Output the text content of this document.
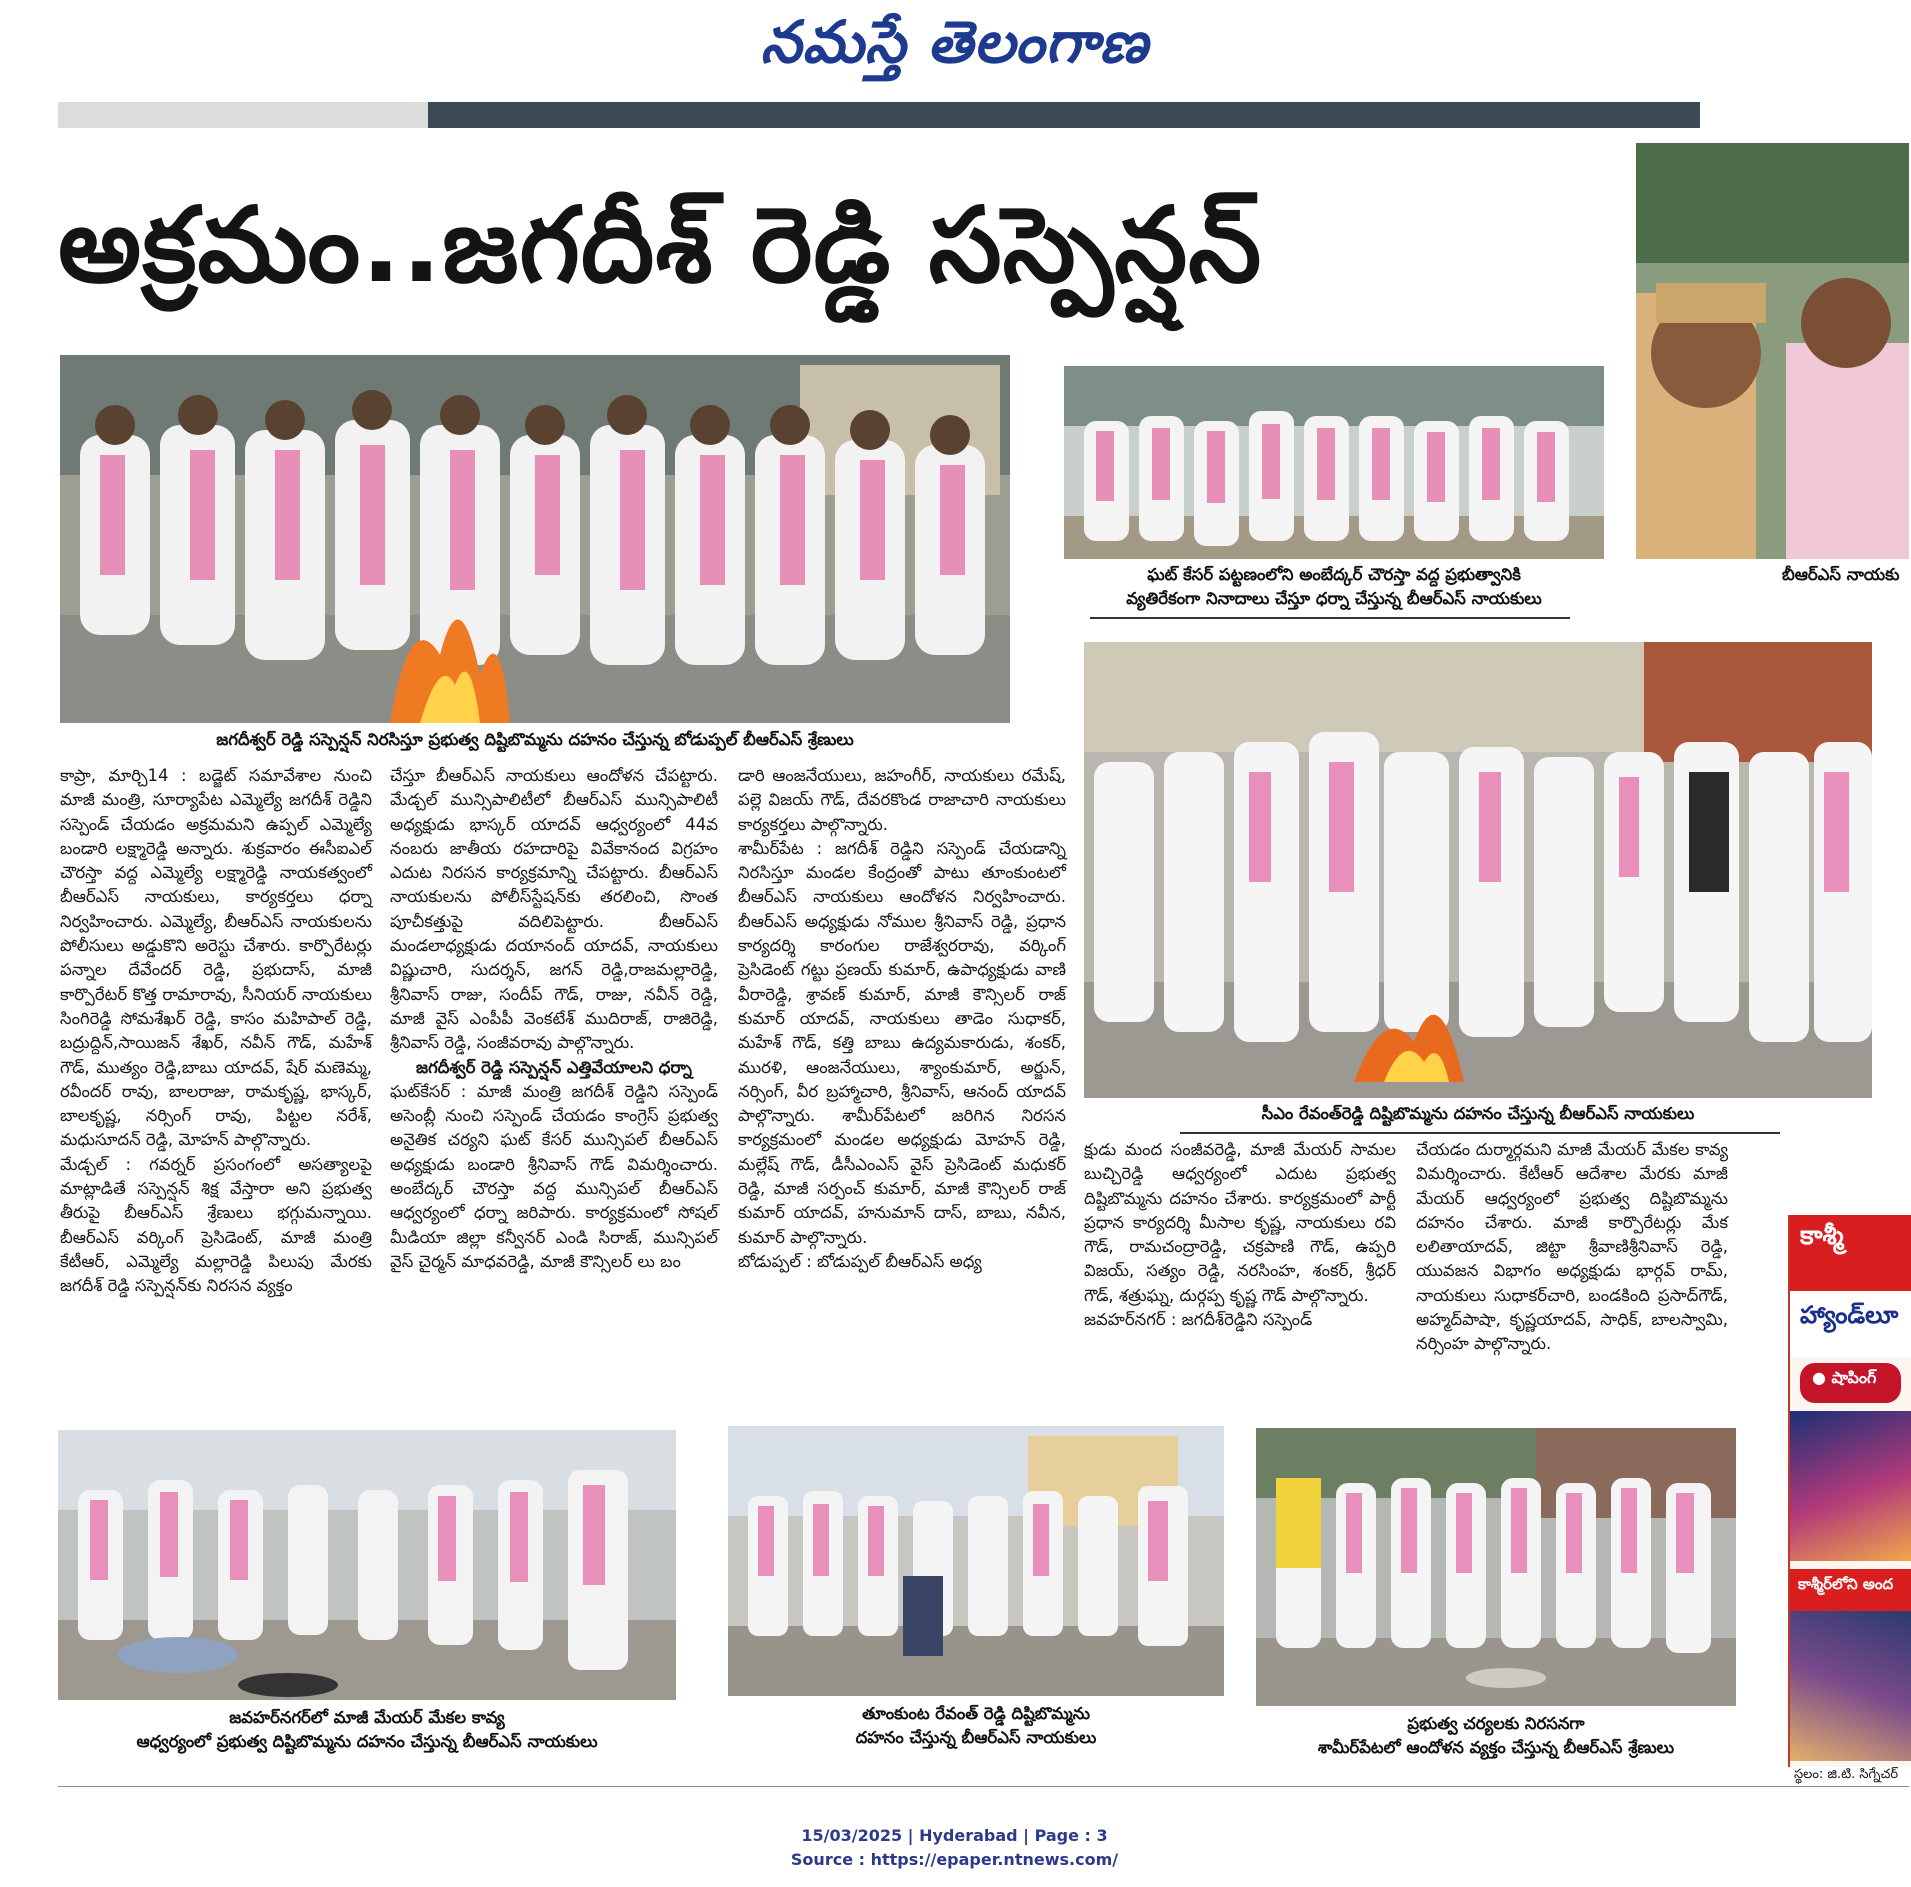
నమస్తే తెలంగాణ
అక్రమం..జగదీశ్ రెడ్డి సస్పెన్షన్
జగదీశ్వర్ రెడ్డి సస్పెన్షన్ నిరసిస్తూ ప్రభుత్వ దిష్టిబొమ్మను దహనం చేస్తున్న బోడుప్పల్ బీఆర్ఎస్ శ్రేణులు
ఘట్ కేసర్ పట్టణంలోని అంబేద్కర్ చౌరస్తా వద్ద ప్రభుత్వానికి
వ్యతిరేకంగా నినాదాలు చేస్తూ ధర్నా చేస్తున్న బీఆర్ఎస్ నాయకులు
బీఆర్ఎస్ నాయకు
సీఎం రేవంత్‌రెడ్డి దిష్టిబొమ్మను దహనం చేస్తున్న బీఆర్ఎస్ నాయకులు

కాప్రా, మార్చి14 : బడ్జెట్ సమావేశాల నుంచి మాజీ మంత్రి, సూర్యాపేట ఎమ్మెల్యే జగదీశ్ రెడ్డిని సస్పెండ్ చేయడం అక్రమమని ఉప్పల్ ఎమ్మెల్యే బండారి లక్ష్మారెడ్డి అన్నారు. శుక్రవారం ఈసీఐఎల్ చౌరస్తా వద్ద ఎమ్మెల్యే లక్ష్మారెడ్డి నాయకత్వంలో బీఆర్ఎస్ నాయకులు, కార్యకర్తలు ధర్నా నిర్వహించారు. ఎమ్మెల్యే, బీఆర్ఎస్ నాయకులను పోలీసులు అడ్డుకొని అరెస్టు చేశారు. కార్పొరేటర్లు పన్నాల దేవేందర్ రెడ్డి, ప్రభుదాస్, మాజీ కార్పొరేటర్ కొత్త రామారావు, సీనియర్ నాయకులు సింగిరెడ్డి సోమశేఖర్ రెడ్డి, కాసం మహిపాల్ రెడ్డి, బద్రుద్దిన్,సాయిజన్ శేఖర్, నవీన్ గౌడ్, మహేశ్ గౌడ్, ముత్యం రెడ్డి,బాబు యాదవ్, షేర్ మణెమ్మ, రవీందర్ రావు, బాలరాజు, రామకృష్ణ, భాస్కర్, బాలకృష్ణ, నర్సింగ్ రావు, పిట్టల నరేశ్, మధుసూదన్ రెడ్డి, మోహన్ పాల్గొన్నారు.
మేడ్చల్ : గవర్నర్ ప్రసంగంలో అసత్యాలపై మాట్లాడితే సస్పెన్షన్ శిక్ష వేస్తారా అని ప్రభుత్వ తీరుపై బీఆర్ఎస్ శ్రేణులు భగ్గుమన్నాయి. బీఆర్ఎస్ వర్కింగ్ ప్రెసిడెంట్, మాజీ మంత్రి కేటీఆర్, ఎమ్మెల్యే మల్లారెడ్డి పిలుపు మేరకు జగదీశ్ రెడ్డి సస్పెన్షన్‌కు నిరసన వ్యక్తం

చేస్తూ బీఆర్ఎస్ నాయకులు ఆందోళన చేపట్టారు. మేడ్చల్ మున్సిపాలిటీలో బీఆర్ఎస్ మున్సిపాలిటీ అధ్యక్షుడు భాస్కర్ యాదవ్ ఆధ్వర్యంలో 44వ నంబరు జాతీయ రహదారిపై వివేకానంద విగ్రహం ఎదుట నిరసన కార్యక్రమాన్ని చేపట్టారు. బీఆర్ఎస్ నాయకులను పోలీస్‌స్టేషన్‌కు తరలించి, సొంత పూచీకత్తుపై వదిలిపెట్టారు. బీఆర్ఎస్ మండలాధ్యక్షుడు దయానంద్ యాదవ్, నాయకులు విష్ణుచారి, సుదర్శన్, జగన్ రెడ్డి,రాజమల్లారెడ్డి, శ్రీనివాస్ రాజు, సందీప్ గౌడ్, రాజు, నవీన్ రెడ్డి, మాజీ వైస్ ఎంపీపీ వెంకటేశ్ ముదిరాజ్, రాజిరెడ్డి, శ్రీనివాస్ రెడ్డి, సంజీవరావు పాల్గొన్నారు.

జగదీశ్వర్ రెడ్డి సస్పెన్షన్ ఎత్తివేయాలని ధర్నా

ఘట్‌కేసర్ : మాజీ మంత్రి జగదీశ్ రెడ్డిని సస్పెండ్ అసెంబ్లీ నుంచి సస్పెండ్ చేయడం కాంగ్రెస్ ప్రభుత్వ అనైతిక చర్యని ఘట్ కేసర్ మున్సిపల్ బీఆర్ఎస్ అధ్యక్షుడు బండారి శ్రీనివాస్ గౌడ్ విమర్శించారు. అంబేద్కర్ చౌరస్తా వద్ద మున్సిపల్ బీఆర్ఎస్ ఆధ్వర్యంలో ధర్నా జరిపారు. కార్యక్రమంలో సోషల్ మీడియా జిల్లా కన్వీనర్ ఎండి సిరాజ్, మున్సిపల్ వైస్ చైర్మన్ మాధవరెడ్డి, మాజీ కౌన్సిలర్ లు బం

డారి ఆంజనేయులు, జహంగీర్, నాయకులు రమేష్, పల్లె విజయ్ గౌడ్, దేవరకొండ రాజాచారి నాయకులు కార్యకర్తలు పాల్గొన్నారు.
శామీర్‌పేట : జగదీశ్ రెడ్డిని సస్పెండ్ చేయడాన్ని నిరసిస్తూ మండల కేంద్రంతో పాటు తూంకుంటలో బీఆర్ఎస్ నాయకులు ఆందోళన నిర్వహించారు. బీఆర్ఎస్ అధ్యక్షుడు నోముల శ్రీనివాస్ రెడ్డి, ప్రధాన కార్యదర్శి కారంగుల రాజేశ్వరరావు, వర్కింగ్ ప్రెసిడెంట్ గట్టు ప్రణయ్ కుమార్, ఉపాధ్యక్షుడు వాణి వీరారెడ్డి, శ్రావణ్ కుమార్, మాజీ కౌన్సిలర్ రాజ్ కుమార్ యాదవ్, నాయకులు తాడెం సుధాకర్, మహేశ్ గౌడ్, కత్తి బాబు ఉద్యమకారుడు, శంకర్, మురళి, ఆంజనేయులు, శ్యాంకుమార్, అర్జున్, నర్సింగ్, వీర బ్రహ్మాచారి, శ్రీనివాస్, ఆనంద్ యాదవ్ పాల్గొన్నారు. శామీర్‌పేటలో జరిగిన నిరసన కార్యక్రమంలో మండల అధ్యక్షుడు మోహన్ రెడ్డి, మల్లేష్ గౌడ్, డీసీఎంఎస్ వైస్ ప్రెసిడెంట్ మధుకర్ రెడ్డి, మాజీ సర్పంచ్ కుమార్, మాజీ కౌన్సిలర్ రాజ్ కుమార్ యాదవ్, హనుమాన్ దాస్, బాబు, నవీన, కుమార్ పాల్గొన్నారు.
బోడుప్పల్ : బోడుప్పల్ బీఆర్ఎస్ అధ్య

క్షుడు మంద సంజీవరెడ్డి, మాజీ మేయర్ సామల బుచ్చిరెడ్డి ఆధ్వర్యంలో ఎదుట ప్రభుత్వ దిష్టిబొమ్మను దహనం చేశారు. కార్యక్రమంలో పార్టీ ప్రధాన కార్యదర్శి మీసాల కృష్ణ, నాయకులు రవి గౌడ్, రామచంద్రారెడ్డి, చక్రపాణి గౌడ్, ఉప్పరి విజయ్, సత్యం రెడ్డి, నరసింహ, శంకర్, శ్రీధర్ గౌడ్, శత్రుఘ్న, దుర్గప్ప కృష్ణ గౌడ్ పాల్గొన్నారు.
జవహర్‌నగర్ : జగదీశ్‌రెడ్డిని సస్పెండ్

చేయడం దుర్మార్గమని మాజీ మేయర్ మేకల కావ్య విమర్శించారు. కేటీఆర్ ఆదేశాల మేరకు మాజీ మేయర్ ఆధ్వర్యంలో ప్రభుత్వ దిష్టిబొమ్మను దహనం చేశారు. మాజీ కార్పొరేటర్లు మేక లలితాయాదవ్, జిట్టా శ్రీవాణిశ్రీనివాస్ రెడ్డి, యువజన విభాగం అధ్యక్షుడు భార్గవ్ రామ్, నాయకులు సుధాకర్‌చారి, బండకింది ప్రసాద్‌గౌడ్, అహ్మద్‌పాషా, కృష్ణయాదవ్, సాధిక్, బాలస్వామి, నర్సింహ పాల్గొన్నారు.

జవహర్‌నగర్‌లో మాజీ మేయర్ మేకల కావ్య
ఆధ్వర్యంలో ప్రభుత్వ దిష్టిబొమ్మను దహనం చేస్తున్న బీఆర్ఎస్ నాయకులు
తూంకుంట రేవంత్ రెడ్డి దిష్టిబొమ్మను
దహనం చేస్తున్న బీఆర్ఎస్ నాయకులు
ప్రభుత్వ చర్యలకు నిరసనగా
శామీర్‌పేటలో ఆందోళన వ్యక్తం చేస్తున్న బీఆర్ఎస్ శ్రేణులు
కాశ్మీ
హ్యాండ్‌లూ
● షాపింగ్
కాశ్మీర్‌లోని అంద
స్థలం: జి.టి. సిగ్నేచర్
15/03/2025 | Hyderabad | Page : 3
Source : https://epaper.ntnews.com/
